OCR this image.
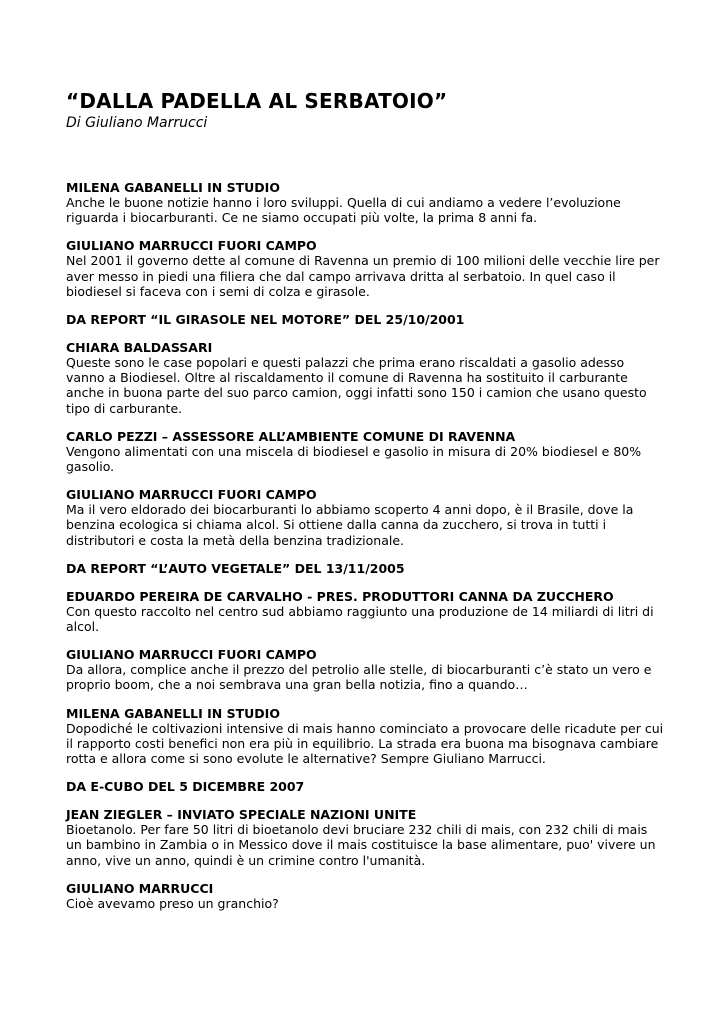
“DALLA PADELLA AL SERBATOIO”
Di Giuliano Marrucci
MILENA GABANELLI IN STUDIO

Anche le buone notizie hanno i loro sviluppi. Quella di cui andiamo a vedere l’evoluzione riguarda i biocarburanti. Ce ne siamo occupati più volte, la prima 8 anni fa.

GIULIANO MARRUCCI FUORI CAMPO

Nel 2001 il governo dette al comune di Ravenna un premio di 100 milioni delle vecchie lire per aver messo in piedi una filiera che dal campo arrivava dritta al serbatoio. In quel caso il biodiesel si faceva con i semi di colza e girasole.

DA REPORT “IL GIRASOLE NEL MOTORE” DEL 25/10/2001
CHIARA BALDASSARI

Queste sono le case popolari e questi palazzi che prima erano riscaldati a gasolio adesso vanno a Biodiesel. Oltre al riscaldamento il comune di Ravenna ha sostituito il carburante anche in buona parte del suo parco camion, oggi infatti sono 150 i camion che usano questo tipo di carburante.

CARLO PEZZI – ASSESSORE ALL’AMBIENTE COMUNE DI RAVENNA

Vengono alimentati con una miscela di biodiesel e gasolio in misura di 20% biodiesel e 80% gasolio.

GIULIANO MARRUCCI FUORI CAMPO

Ma il vero eldorado dei biocarburanti lo abbiamo scoperto 4 anni dopo, è il Brasile, dove la benzina ecologica si chiama alcol. Si ottiene dalla canna da zucchero, si trova in tutti i distributori e costa la metà della benzina tradizionale.

DA REPORT “L’AUTO VEGETALE” DEL 13/11/2005
EDUARDO PEREIRA DE CARVALHO - PRES. PRODUTTORI CANNA DA ZUCCHERO

Con questo raccolto nel centro sud abbiamo raggiunto una produzione de 14 miliardi di litri di alcol.

GIULIANO MARRUCCI FUORI CAMPO

Da allora, complice anche il prezzo del petrolio alle stelle, di biocarburanti c’è stato un vero e proprio boom, che a noi sembrava una gran bella notizia, fino a quando…

MILENA GABANELLI IN STUDIO

Dopodiché le coltivazioni intensive di mais hanno cominciato a provocare delle ricadute per cui il rapporto costi benefici non era più in equilibrio. La strada era buona ma bisognava cambiare rotta e allora come si sono evolute le alternative? Sempre Giuliano Marrucci.

DA E-CUBO DEL 5 DICEMBRE 2007
JEAN ZIEGLER – INVIATO SPECIALE NAZIONI UNITE

Bioetanolo. Per fare 50 litri di bioetanolo devi bruciare 232 chili di mais, con 232 chili di mais un bambino in Zambia o in Messico dove il mais costituisce la base alimentare, puo' vivere un anno, vive un anno, quindi è un crimine contro l'umanità.

GIULIANO MARRUCCI

Cioè avevamo preso un granchio?
